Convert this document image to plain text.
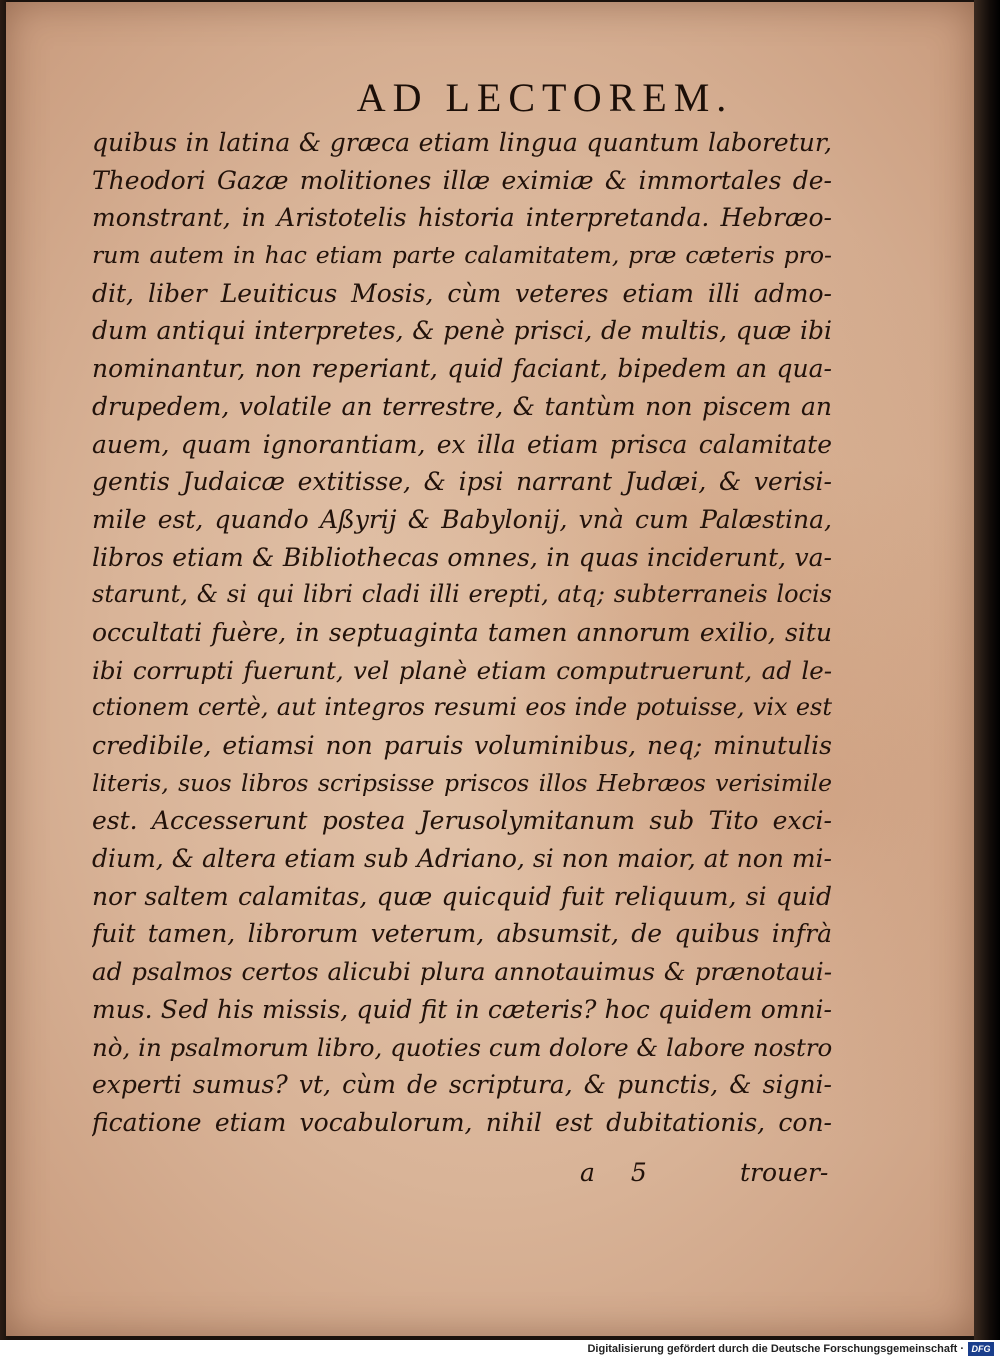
AD LECTOREM.
quibus in latina & græca etiam lingua quantum laboretur,
Theodori Gazæ molitiones illæ eximiæ & immortales de-
monstrant, in Aristotelis historia interpretanda. Hebræo-
rum autem in hac etiam parte calamitatem, præ cæteris pro-
dit, liber Leuiticus Mosis, cùm veteres etiam illi admo-
dum antiqui interpretes, & penè prisci, de multis, quæ ibi
nominantur, non reperiant, quid faciant, bipedem an qua-
drupedem, volatile an terrestre, & tantùm non piscem an
auem, quam ignorantiam, ex illa etiam prisca calamitate
gentis Judaicæ extitisse, & ipsi narrant Judæi, & verisi-
mile est, quando Aßyrij & Babylonij, vnà cum Palæstina,
libros etiam & Bibliothecas omnes, in quas inciderunt, va-
starunt, & si qui libri cladi illi erepti, atq; subterraneis locis
occultati fuère, in septuaginta tamen annorum exilio, situ
ibi corrupti fuerunt, vel planè etiam computruerunt, ad le-
ctionem certè, aut integros resumi eos inde potuisse, vix est
credibile, etiamsi non paruis voluminibus, neq; minutulis
literis, suos libros scripsisse priscos illos Hebræos verisimile
est. Accesserunt postea Jerusolymitanum sub Tito exci-
dium, & altera etiam sub Adriano, si non maior, at non mi-
nor saltem calamitas, quæ quicquid fuit reliquum, si quid
fuit tamen, librorum veterum, absumsit, de quibus infrà
ad psalmos certos alicubi plura annotauimus & prænotaui-
mus. Sed his missis, quid fit in cæteris? hoc quidem omni-
nò, in psalmorum libro, quoties cum dolore & labore nostro
experti sumus? vt, cùm de scriptura, & punctis, & signi-
ficatione etiam vocabulorum, nihil est dubitationis, con-
a 5	trouer-
Digitalisierung gefördert durch die Deutsche Forschungsgemeinschaft · DFG
